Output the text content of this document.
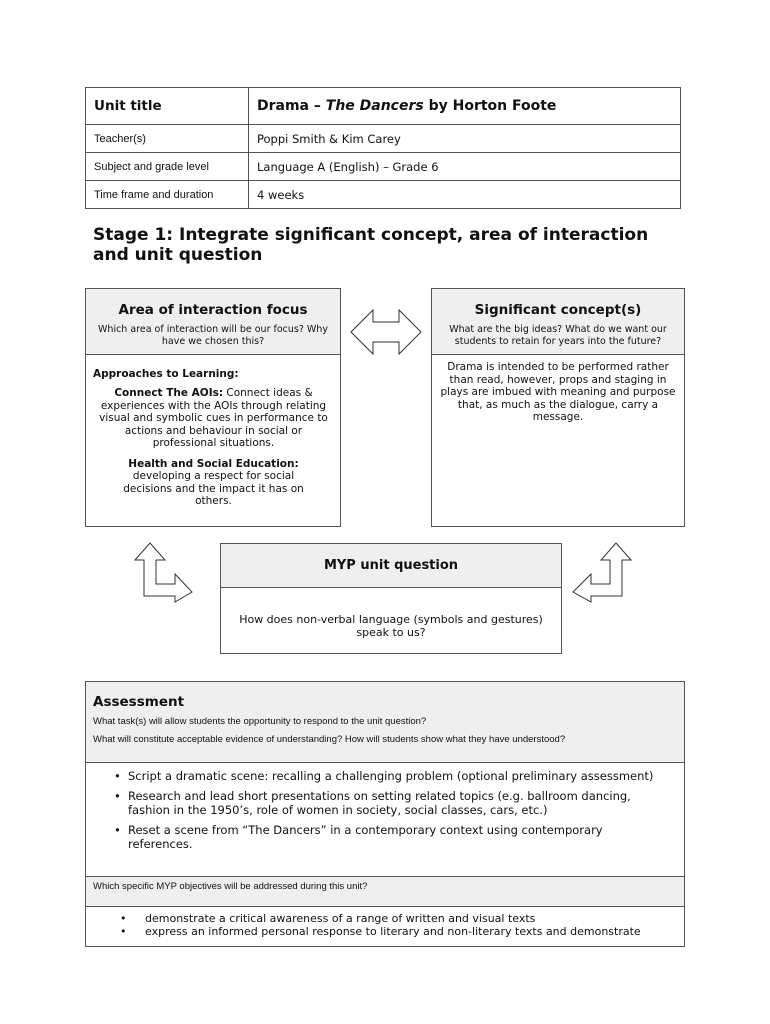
Unit title	Drama – The Dancers by Horton Foote
Teacher(s)	Poppi Smith & Kim Carey
Subject and grade level	Language A (English) – Grade 6
Time frame and duration	4 weeks
Stage 1: Integrate significant concept, area of interaction and unit question
Area of interaction focus
Which area of interaction will be our focus? Why have we chosen this?
Approaches to Learning:
Connect The AOIs: Connect ideas & experiences with the AOIs through relating visual and symbolic cues in performance to actions and behaviour in social or professional situations.
Health and Social Education:
developing a respect for social decisions and the impact it has on others.
Significant concept(s)
What are the big ideas? What do we want our students to retain for years into the future?
Drama is intended to be performed rather than read, however, props and staging in plays are imbued with meaning and purpose that, as much as the dialogue, carry a message.
MYP unit question
How does non-verbal language (symbols and gestures) speak to us?
Assessment
What task(s) will allow students the opportunity to respond to the unit question?
What will constitute acceptable evidence of understanding? How will students show what they have understood?
• Script a dramatic scene: recalling a challenging problem (optional preliminary assessment)
• Research and lead short presentations on setting related topics (e.g. ballroom dancing, fashion in the 1950’s, role of women in society, social classes, cars, etc.)
• Reset a scene from “The Dancers” in a contemporary context using contemporary references.
Which specific MYP objectives will be addressed during this unit?
• demonstrate a critical awareness of a range of written and visual texts
• express an informed personal response to literary and non-literary texts and demonstrate
